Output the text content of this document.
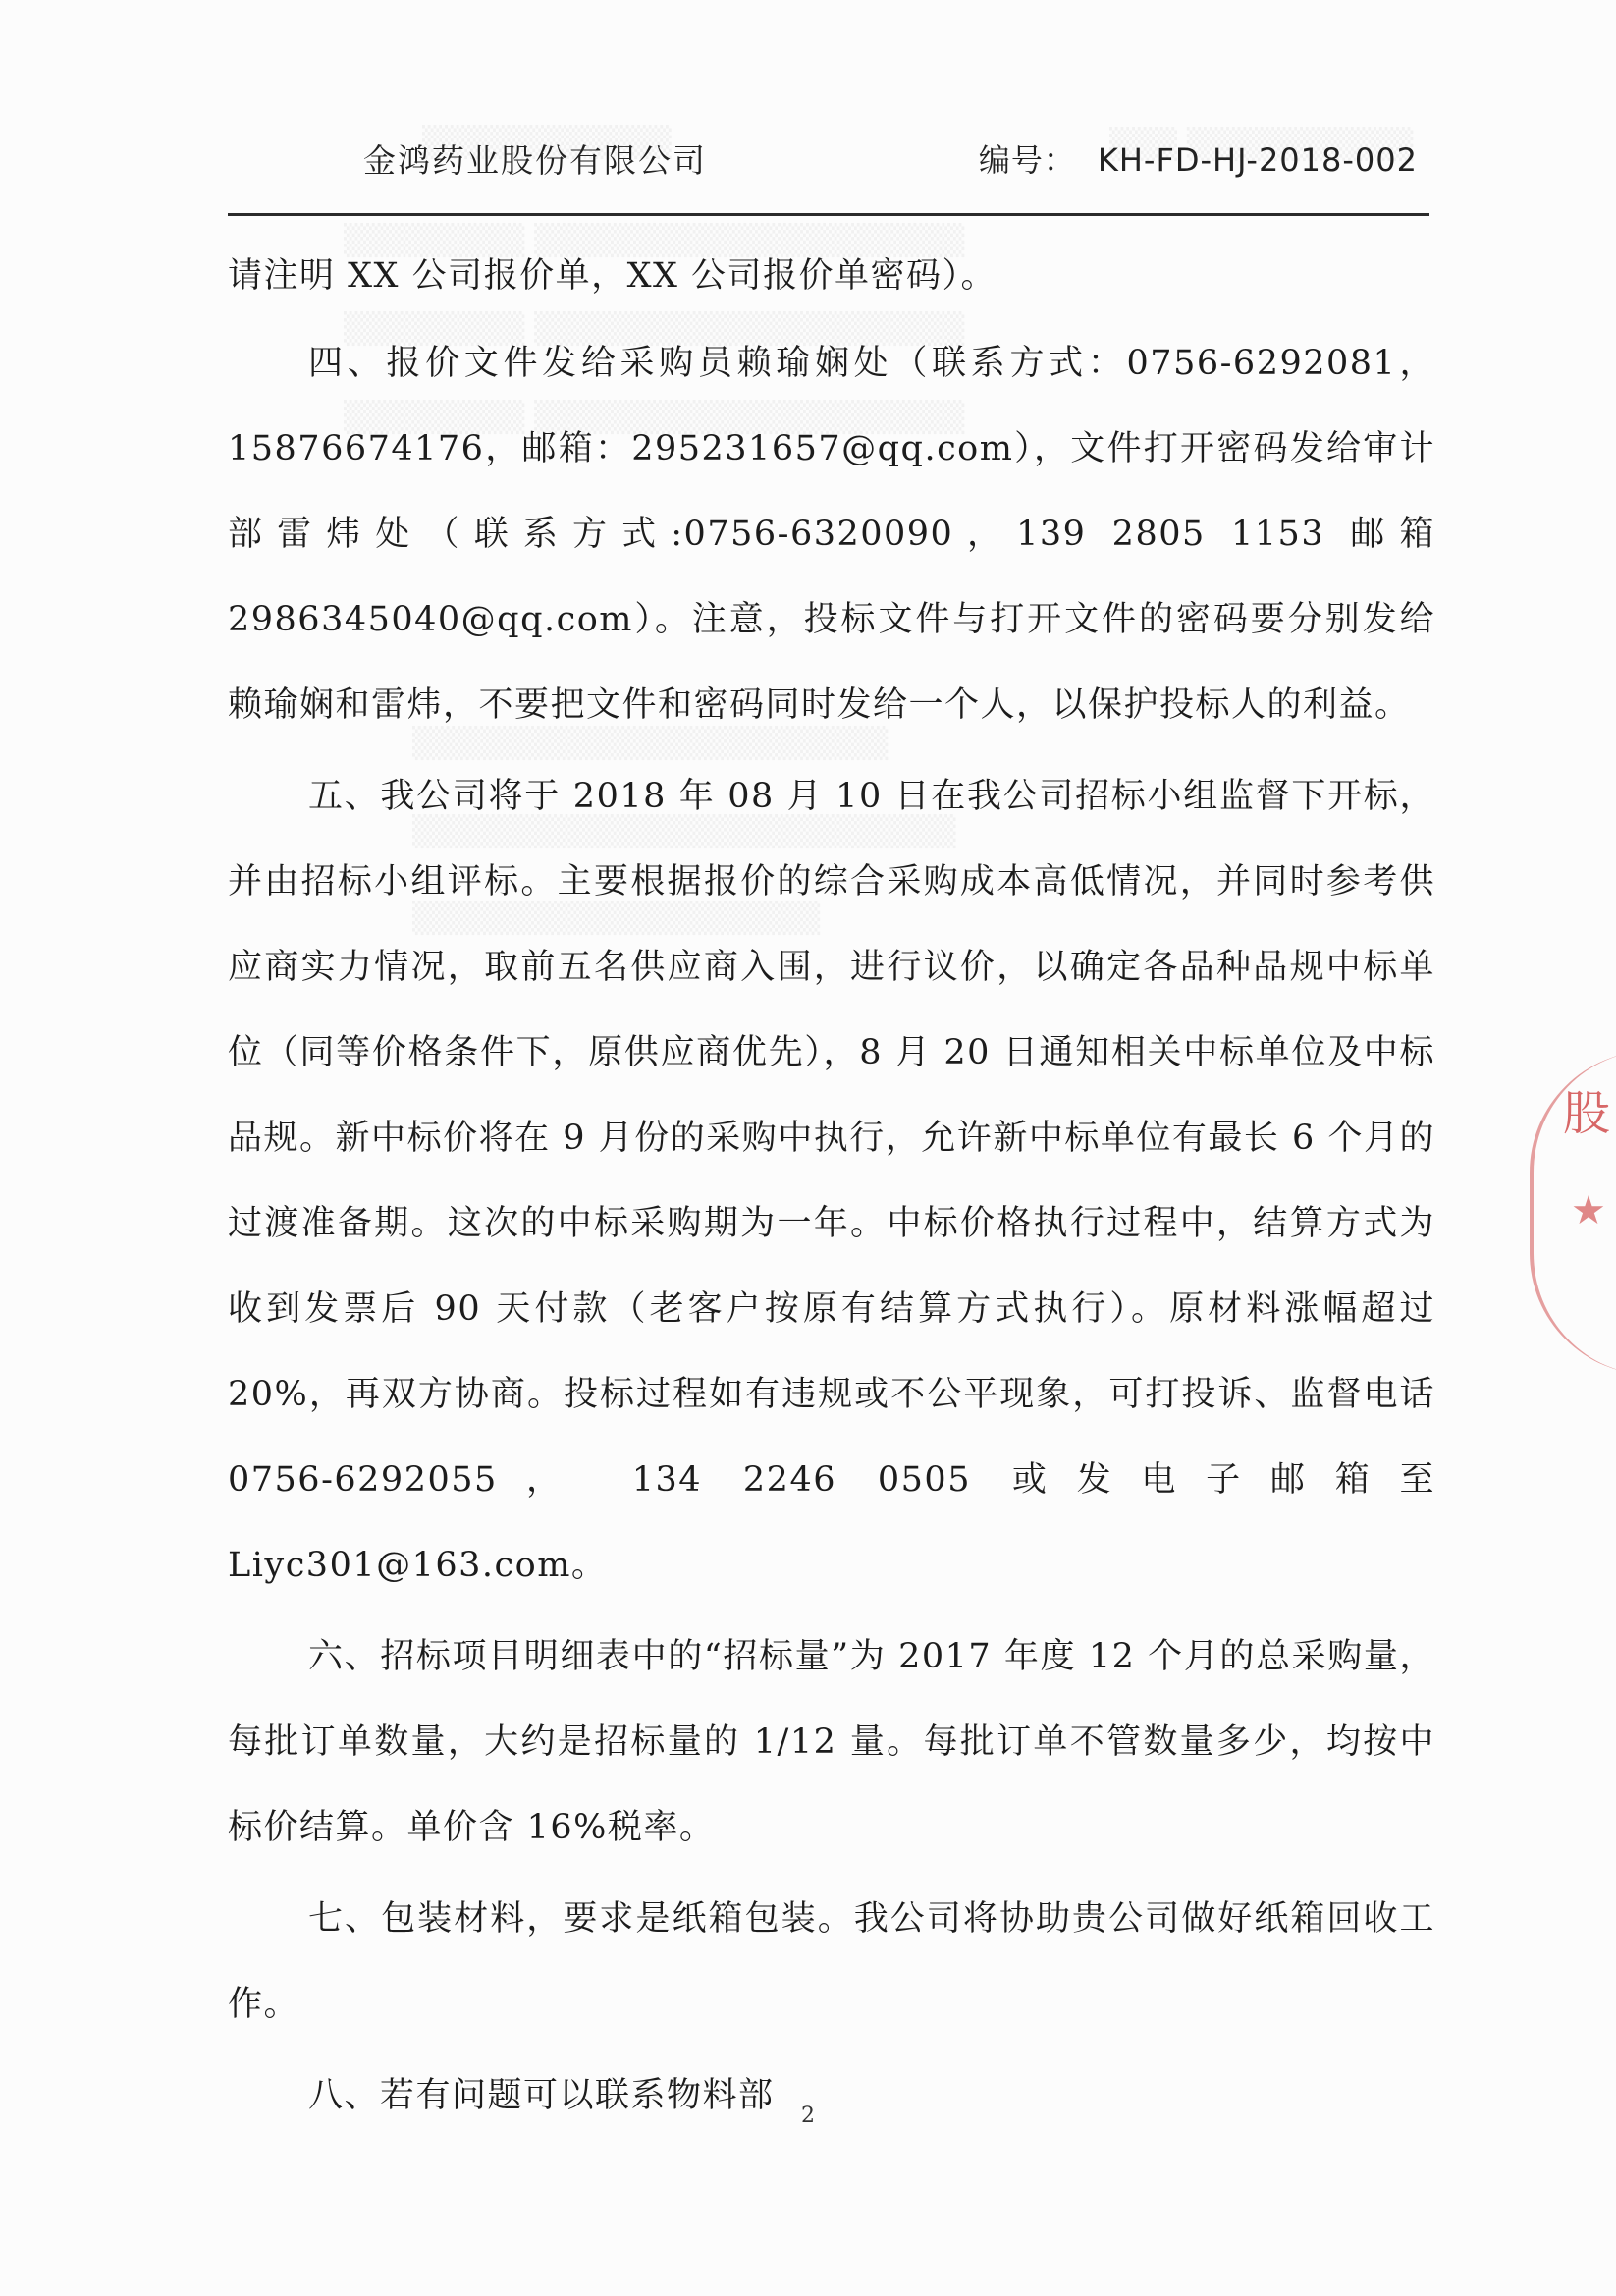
股
★
金鸿药业股份有限公司	编号： KH-FD-HJ-2018-002

请注明 XX 公司报价单，XX 公司报价单密码）。

四、报价文件发给采购员赖瑜娴处（联系方式：0756-6292081，15876674176，邮箱：295231657@qq.com），文件打开密码发给审计部雷炜处（联系方式:0756-6320090，139 2805 1153 邮箱 2986345040@qq.com）。注意，投标文件与打开文件的密码要分别发给赖瑜娴和雷炜，不要把文件和密码同时发给一个人，以保护投标人的利益。

五、我公司将于 2018 年 08 月 10 日在我公司招标小组监督下开标，并由招标小组评标。主要根据报价的综合采购成本高低情况，并同时参考供应商实力情况，取前五名供应商入围，进行议价，以确定各品种品规中标单位（同等价格条件下，原供应商优先），8 月 20 日通知相关中标单位及中标品规。新中标价将在 9 月份的采购中执行，允许新中标单位有最长 6 个月的过渡准备期。这次的中标采购期为一年。中标价格执行过程中，结算方式为收到发票后 90 天付款（老客户按原有结算方式执行）。原材料涨幅超过 20%，再双方协商。投标过程如有违规或不公平现象，可打投诉、监督电话 0756-6292055， 134 2246 0505 或发电子邮箱至 Liyc301@163.com。

六、招标项目明细表中的“招标量”为 2017 年度 12 个月的总采购量，每批订单数量，大约是招标量的 1/12 量。每批订单不管数量多少，均按中标价结算。单价含 16%税率。

七、包装材料，要求是纸箱包装。我公司将协助贵公司做好纸箱回收工作。

八、若有问题可以联系物料部

2
